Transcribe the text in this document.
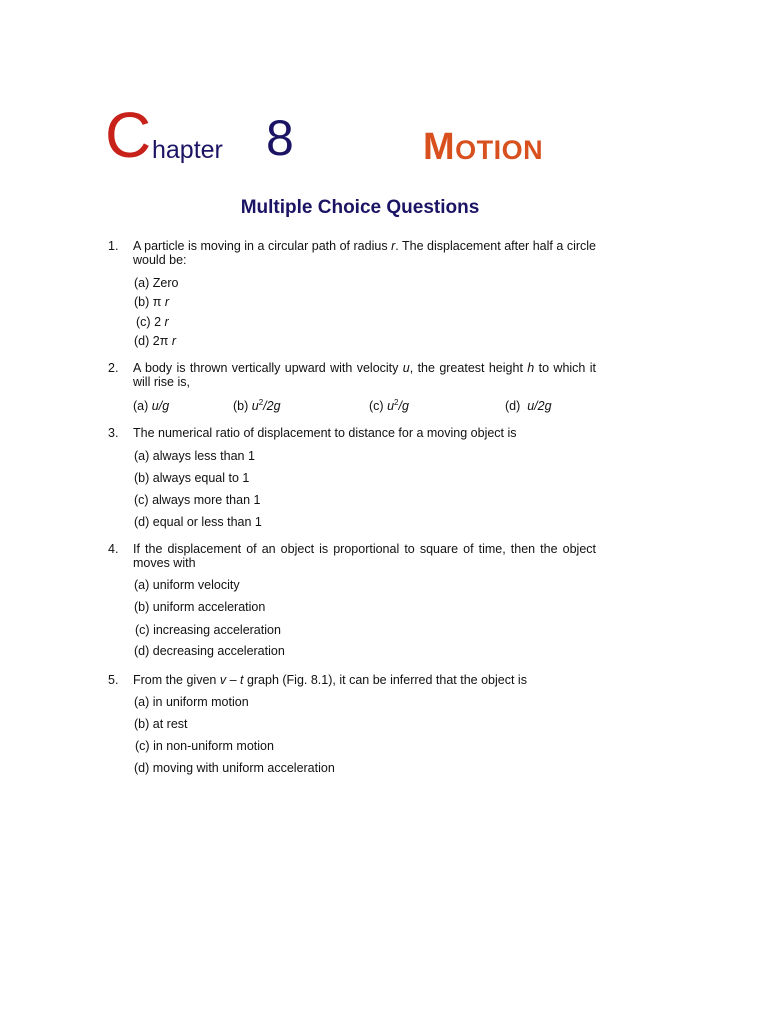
C hapter 8	MOTION
Multiple Choice Questions
1. A particle is moving in a circular path of radius r. The displacement after half a circle would be:
(a) Zero
(b) π r
(c) 2 r
(d) 2π r
2. A body is thrown vertically upward with velocity u, the greatest height h to which it will rise is,
(a) u/g	(b) $u^2/2g$	(c) $u^2/g$	(d) u/2g
3. The numerical ratio of displacement to distance for a moving object is
(a) always less than 1
(b) always equal to 1
(c) always more than 1
(d) equal or less than 1
4. If the displacement of an object is proportional to square of time, then the object moves with
(a) uniform velocity
(b) uniform acceleration
(c) increasing acceleration
(d) decreasing acceleration
5. From the given v – t graph (Fig. 8.1), it can be inferred that the object is
(a) in uniform motion
(b) at rest
(c) in non-uniform motion
(d) moving with uniform acceleration
